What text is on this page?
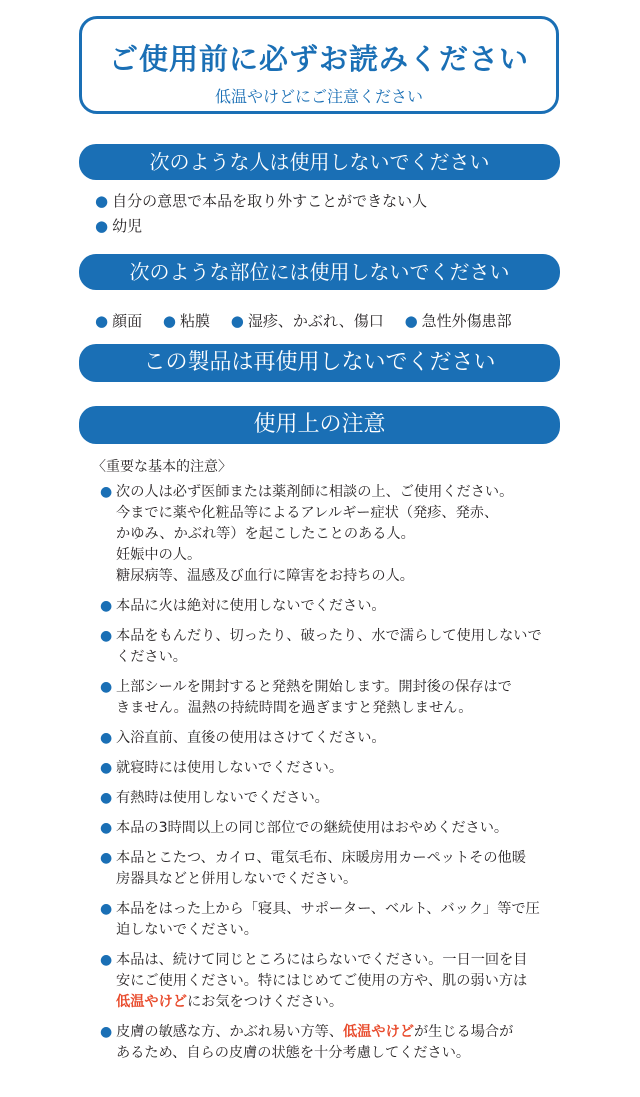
ご使用前に必ずお読みください
低温やけどにご注意ください
次のような人は使用しないでください
● 自分の意思で本品を取り外すことができない人
● 幼児
次のような部位には使用しないでください
● 顔面 ● 粘膜 ● 湿疹、かぶれ、傷口 ● 急性外傷患部
この製品は再使用しないでください
使用上の注意
〈重要な基本的注意〉
● 次の人は必ず医師または薬剤師に相談の上、ご使用ください。
今までに薬や化粧品等によるアレルギー症状（発疹、発赤、
かゆみ、かぶれ等）を起こしたことのある人。
妊娠中の人。
糖尿病等、温感及び血行に障害をお持ちの人。
● 本品に火は絶対に使用しないでください。
● 本品をもんだり、切ったり、破ったり、水で濡らして使用しないで
ください。
● 上部シールを開封すると発熱を開始します。開封後の保存はで
きません。温熱の持続時間を過ぎますと発熱しません。
● 入浴直前、直後の使用はさけてください。
● 就寝時には使用しないでください。
● 有熱時は使用しないでください。
● 本品の3時間以上の同じ部位での継続使用はおやめください。
● 本品とこたつ、カイロ、電気毛布、床暖房用カーペットその他暖
房器具などと併用しないでください。
● 本品をはった上から「寝具、サポーター、ベルト、バック」等で圧
迫しないでください。
● 本品は、続けて同じところにはらないでください。一日一回を目
安にご使用ください。特にはじめてご使用の方や、肌の弱い方は
低温やけどにお気をつけください。
● 皮膚の敏感な方、かぶれ易い方等、低温やけどが生じる場合が
あるため、自らの皮膚の状態を十分考慮してください。
